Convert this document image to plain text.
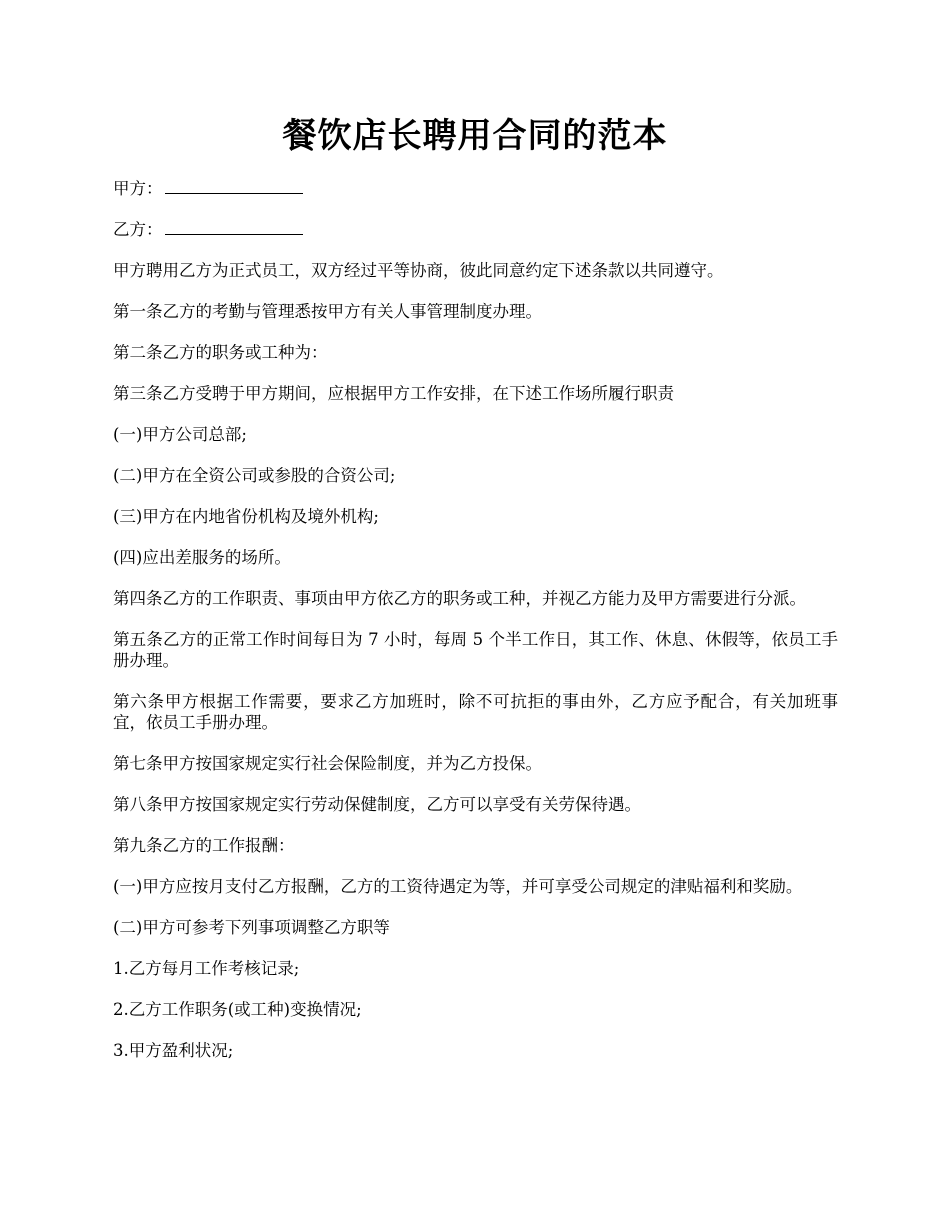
餐饮店长聘用合同的范本

甲方：

乙方：

甲方聘用乙方为正式员工，双方经过平等协商，彼此同意约定下述条款以共同遵守。

第一条乙方的考勤与管理悉按甲方有关人事管理制度办理。

第二条乙方的职务或工种为：

第三条乙方受聘于甲方期间，应根据甲方工作安排，在下述工作场所履行职责

(一)甲方公司总部;

(二)甲方在全资公司或参股的合资公司;

(三)甲方在内地省份机构及境外机构;

(四)应出差服务的场所。

第四条乙方的工作职责、事项由甲方依乙方的职务或工种，并视乙方能力及甲方需要进行分派。

第五条乙方的正常工作时间每日为 7 小时，每周 5 个半工作日，其工作、休息、休假等，依员工手册办理。

第六条甲方根据工作需要，要求乙方加班时，除不可抗拒的事由外，乙方应予配合，有关加班事宜，依员工手册办理。

第七条甲方按国家规定实行社会保险制度，并为乙方投保。

第八条甲方按国家规定实行劳动保健制度，乙方可以享受有关劳保待遇。

第九条乙方的工作报酬：

(一)甲方应按月支付乙方报酬，乙方的工资待遇定为等，并可享受公司规定的津贴福利和奖励。

(二)甲方可参考下列事项调整乙方职等

1.乙方每月工作考核记录;

2.乙方工作职务(或工种)变换情况;

3.甲方盈利状况;
